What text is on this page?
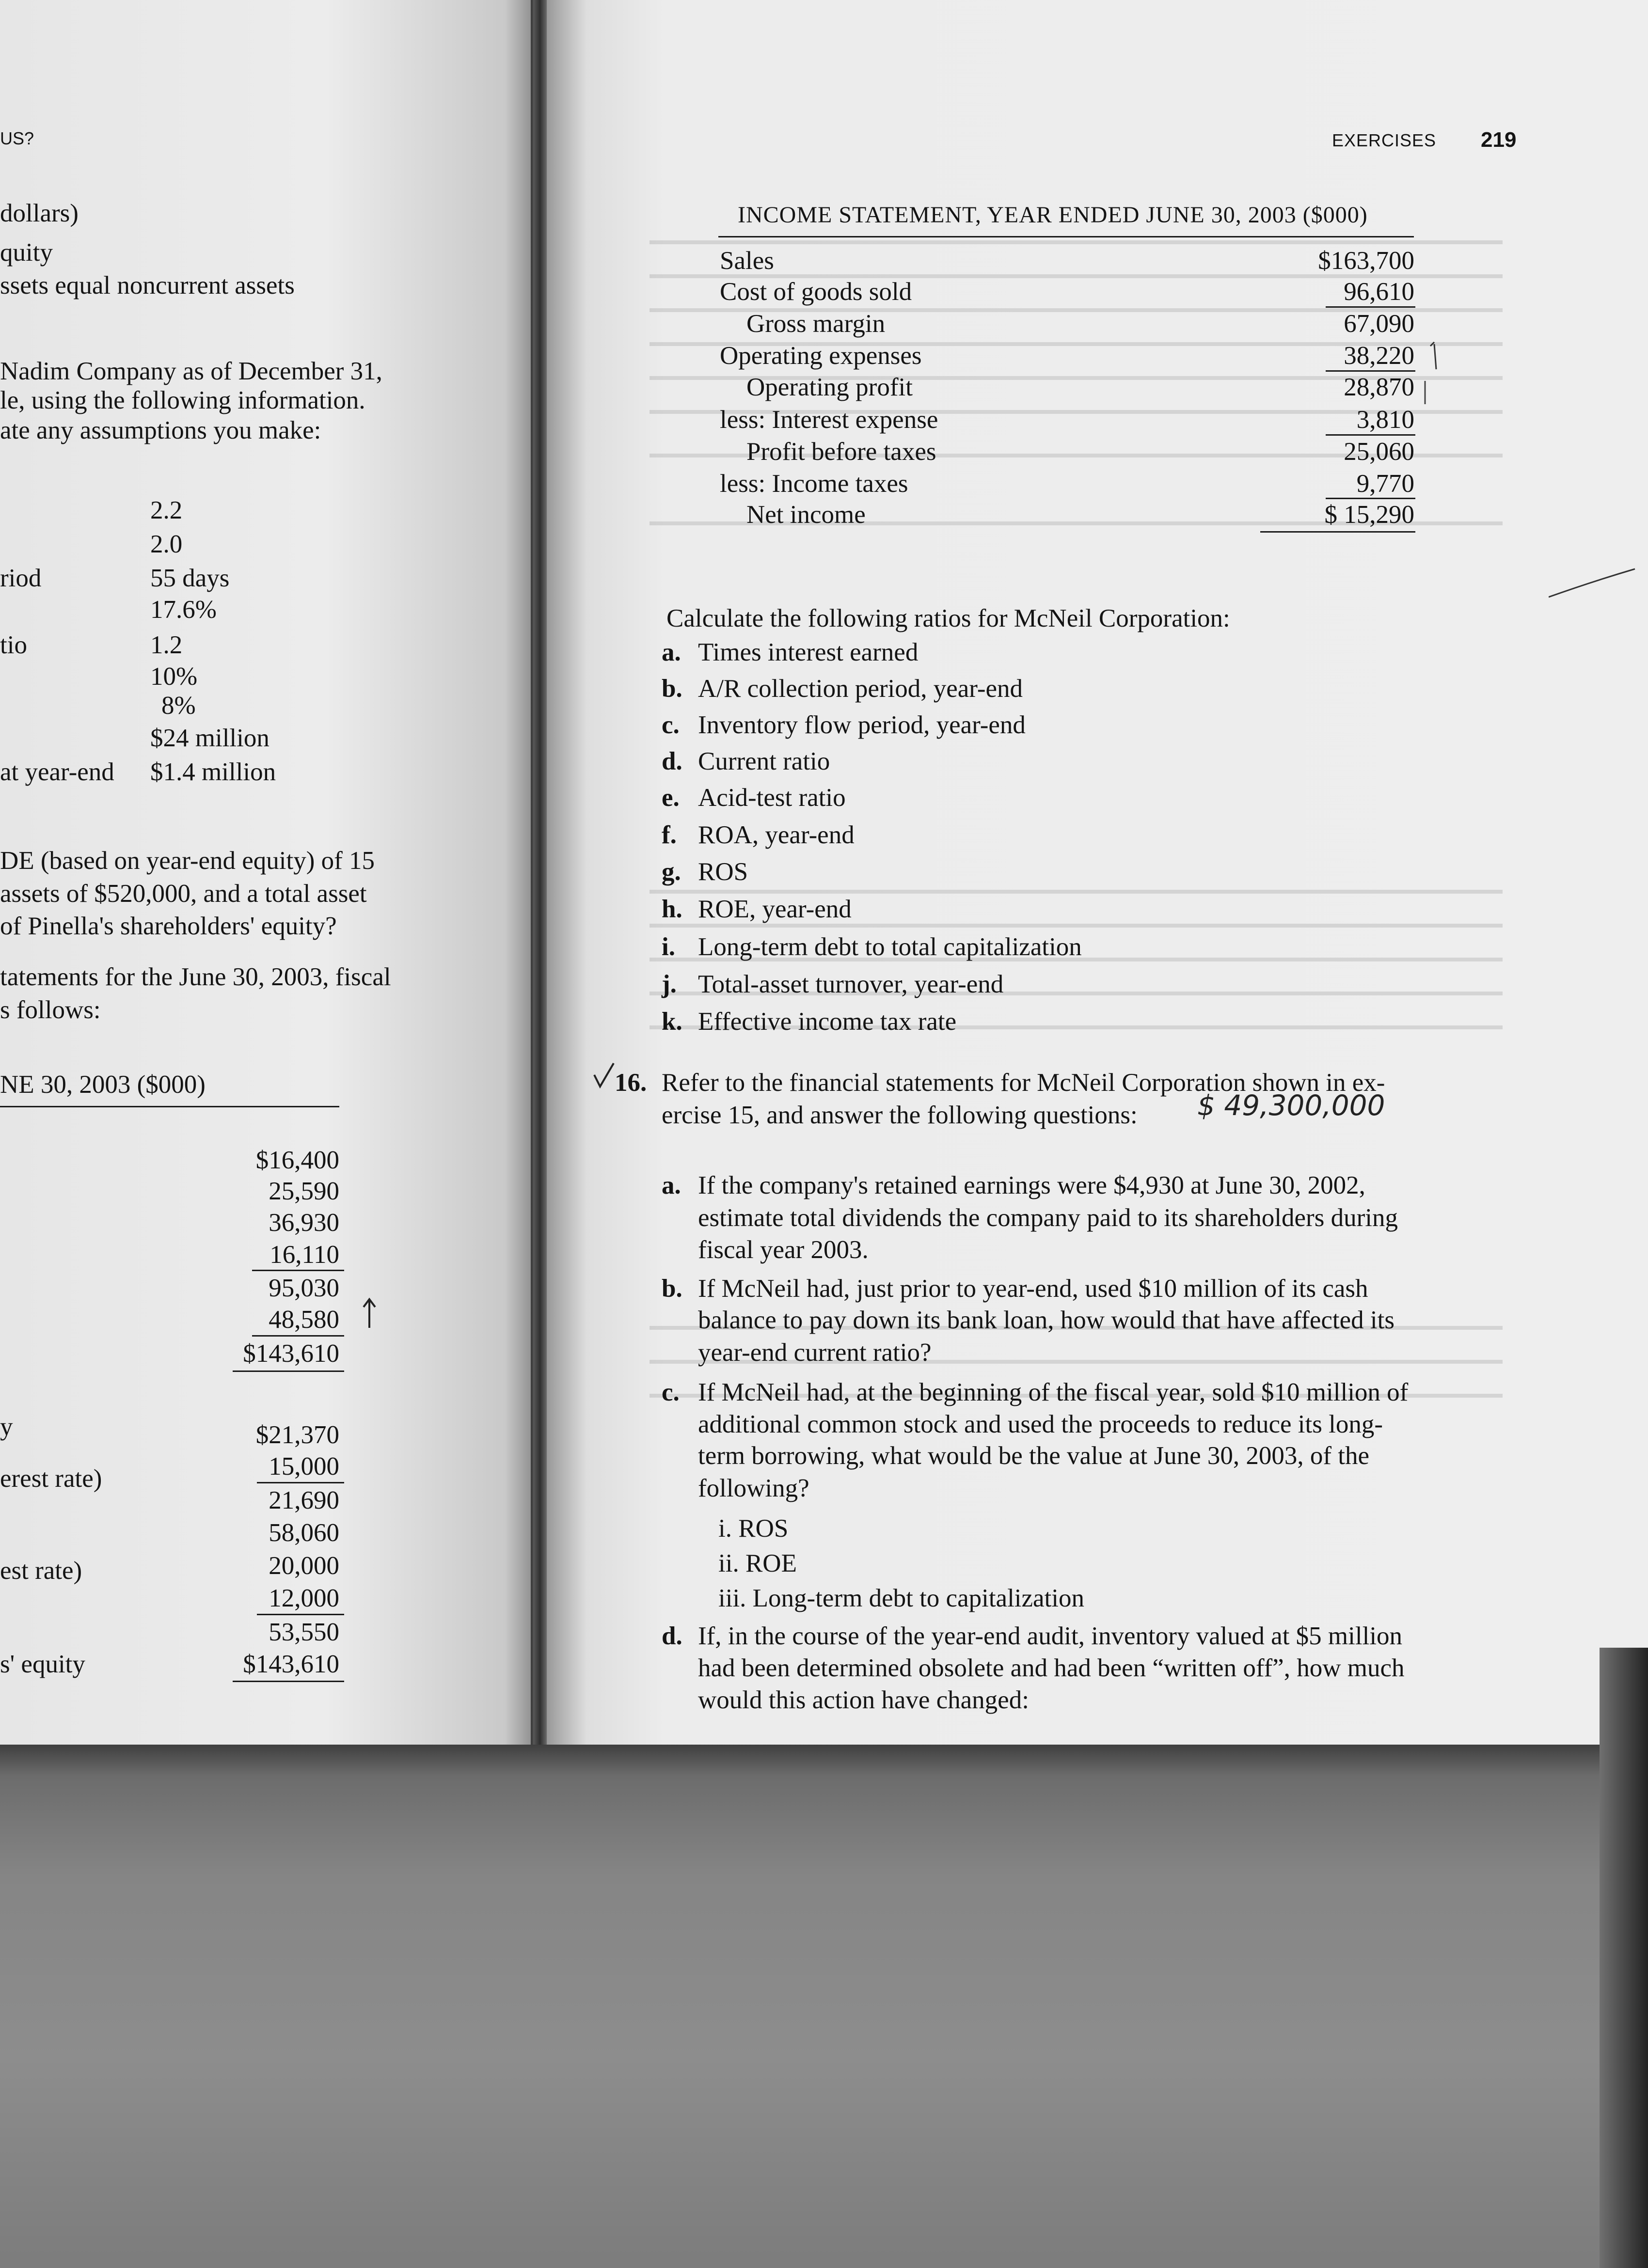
US?
dollars)
quity
ssets equal noncurrent assets
Nadim Company as of December 31,
le, using the following information.
ate any assumptions you make:
riod
tio
at year-end
2.2
2.0
55 days
17.6%
1.2
10%
8%
$24 million
$1.4 million
DE (based on year-end equity) of 15
assets of $520,000, and a total asset
of Pinella's shareholders' equity?
tatements for the June 30, 2003, fiscal
s follows:
NE 30, 2003 ($000)
$16,400
25,590
36,930
16,110
95,030
48,580
$143,610
y
erest rate)
est rate)
s' equity
$21,370
15,000
21,690
58,060
20,000
12,000
53,550
$143,610
EXERCISES 219
INCOME STATEMENT, YEAR ENDED JUNE 30, 2003 ($000)
Sales
Cost of goods sold
Gross margin
Operating expenses
Operating profit
less: Interest expense
Profit before taxes
less: Income taxes
Net income
$163,700
96,610
67,090
38,220
28,870
3,810
25,060
9,770
$ 15,290
Calculate the following ratios for McNeil Corporation:
a. Times interest earned
b. A/R collection period, year-end
c. Inventory flow period, year-end
d. Current ratio
e. Acid-test ratio
f. ROA, year-end
g. ROS
h. ROE, year-end
i. Long-term debt to total capitalization
j. Total-asset turnover, year-end
k. Effective income tax rate
16. Refer to the financial statements for McNeil Corporation shown in ex-
ercise 15, and answer the following questions: $ 49,300,000
a. If the company's retained earnings were $4,930 at June 30, 2002,
estimate total dividends the company paid to its shareholders during
fiscal year 2003.
b. If McNeil had, just prior to year-end, used $10 million of its cash
balance to pay down its bank loan, how would that have affected its
year-end current ratio?
c. If McNeil had, at the beginning of the fiscal year, sold $10 million of
additional common stock and used the proceeds to reduce its long-
term borrowing, what would be the value at June 30, 2003, of the
following?
i. ROS
ii. ROE
iii. Long-term debt to capitalization
d. If, in the course of the year-end audit, inventory valued at $5 million
had been determined obsolete and had been “written off”, how much
would this action have changed:
